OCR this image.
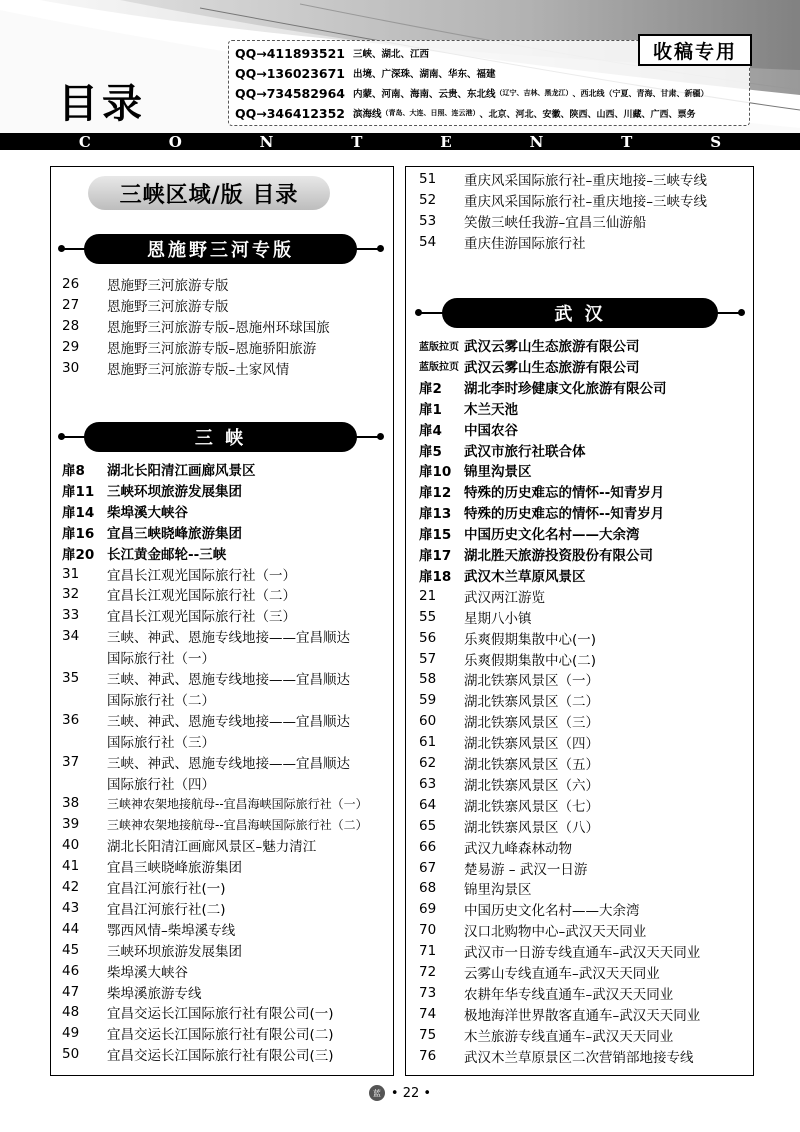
目录
QQ→411893521 三峡、湖北、江西
QQ→136023671 出境、广深珠、湖南、华东、福建
QQ→734582964 内蒙、河南、海南、云贵、东北线 （辽宁、吉林、黑龙江） 、西北线（宁夏、青海、甘肃、新疆）
QQ→346412352 滨海线 （青岛、大连、日照、连云港） 、北京、河北、安徽、陕西、山西、川藏、广西、票务
收稿专用
C	O	N	T	E	N	T	S
三峡区域/版 目录
恩施野三河专版
26 恩施野三河旅游专版
27 恩施野三河旅游专版
28 恩施野三河旅游专版–恩施州环球国旅
29 恩施野三河旅游专版–恩施骄阳旅游
30 恩施野三河旅游专版–土家风情
三 峡
扉8 湖北长阳清江画廊风景区
扉11 三峡环坝旅游发展集团
扉14 柴埠溪大峡谷
扉16 宜昌三峡晓峰旅游集团
扉20 长江黄金邮轮--三峡
31 宜昌长江观光国际旅行社（一）
32 宜昌长江观光国际旅行社（二）
33 宜昌长江观光国际旅行社（三）
34 三峡、神武、恩施专线地接——宜昌顺达
国际旅行社（一）
35 三峡、神武、恩施专线地接——宜昌顺达
国际旅行社（二）
36 三峡、神武、恩施专线地接——宜昌顺达
国际旅行社（三）
37 三峡、神武、恩施专线地接——宜昌顺达
国际旅行社（四）
38 三峡神农架地接航母--宜昌海峡国际旅行社（一）
39 三峡神农架地接航母--宜昌海峡国际旅行社（二）
40 湖北长阳清江画廊风景区–魅力清江
41 宜昌三峡晓峰旅游集团
42 宜昌江河旅行社(一)
43 宜昌江河旅行社(二)
44 鄂西风情–柴埠溪专线
45 三峡环坝旅游发展集团
46 柴埠溪大峡谷
47 柴埠溪旅游专线
48 宜昌交运长江国际旅行社有限公司(一)
49 宜昌交运长江国际旅行社有限公司(二)
50 宜昌交运长江国际旅行社有限公司(三)
51 重庆风采国际旅行社–重庆地接–三峡专线
52 重庆风采国际旅行社–重庆地接–三峡专线
53 笑傲三峡任我游–宜昌三仙游船
54 重庆佳游国际旅行社
武 汉
蓝版拉页 武汉云雾山生态旅游有限公司
蓝版拉页 武汉云雾山生态旅游有限公司
扉2 湖北李时珍健康文化旅游有限公司
扉1 木兰天池
扉4 中国农谷
扉5 武汉市旅行社联合体
扉10 锦里沟景区
扉12 特殊的历史难忘的情怀--知青岁月
扉13 特殊的历史难忘的情怀--知青岁月
扉15 中国历史文化名村——大余湾
扉17 湖北胜天旅游投资股份有限公司
扉18 武汉木兰草原风景区
21 武汉两江游览
55 星期八小镇
56 乐爽假期集散中心(一)
57 乐爽假期集散中心(二)
58 湖北铁寨风景区（一）
59 湖北铁寨风景区（二）
60 湖北铁寨风景区（三）
61 湖北铁寨风景区（四）
62 湖北铁寨风景区（五）
63 湖北铁寨风景区（六）
64 湖北铁寨风景区（七）
65 湖北铁寨风景区（八）
66 武汉九峰森林动物
67 楚易游 – 武汉一日游
68 锦里沟景区
69 中国历史文化名村——大余湾
70 汉口北购物中心–武汉天天同业
71 武汉市一日游专线直通车–武汉天天同业
72 云雾山专线直通车–武汉天天同业
73 农耕年华专线直通车–武汉天天同业
74 极地海洋世界散客直通车–武汉天天同业
75 木兰旅游专线直通车–武汉天天同业
76 武汉木兰草原景区二次营销部地接专线
蓝 • 22 •
